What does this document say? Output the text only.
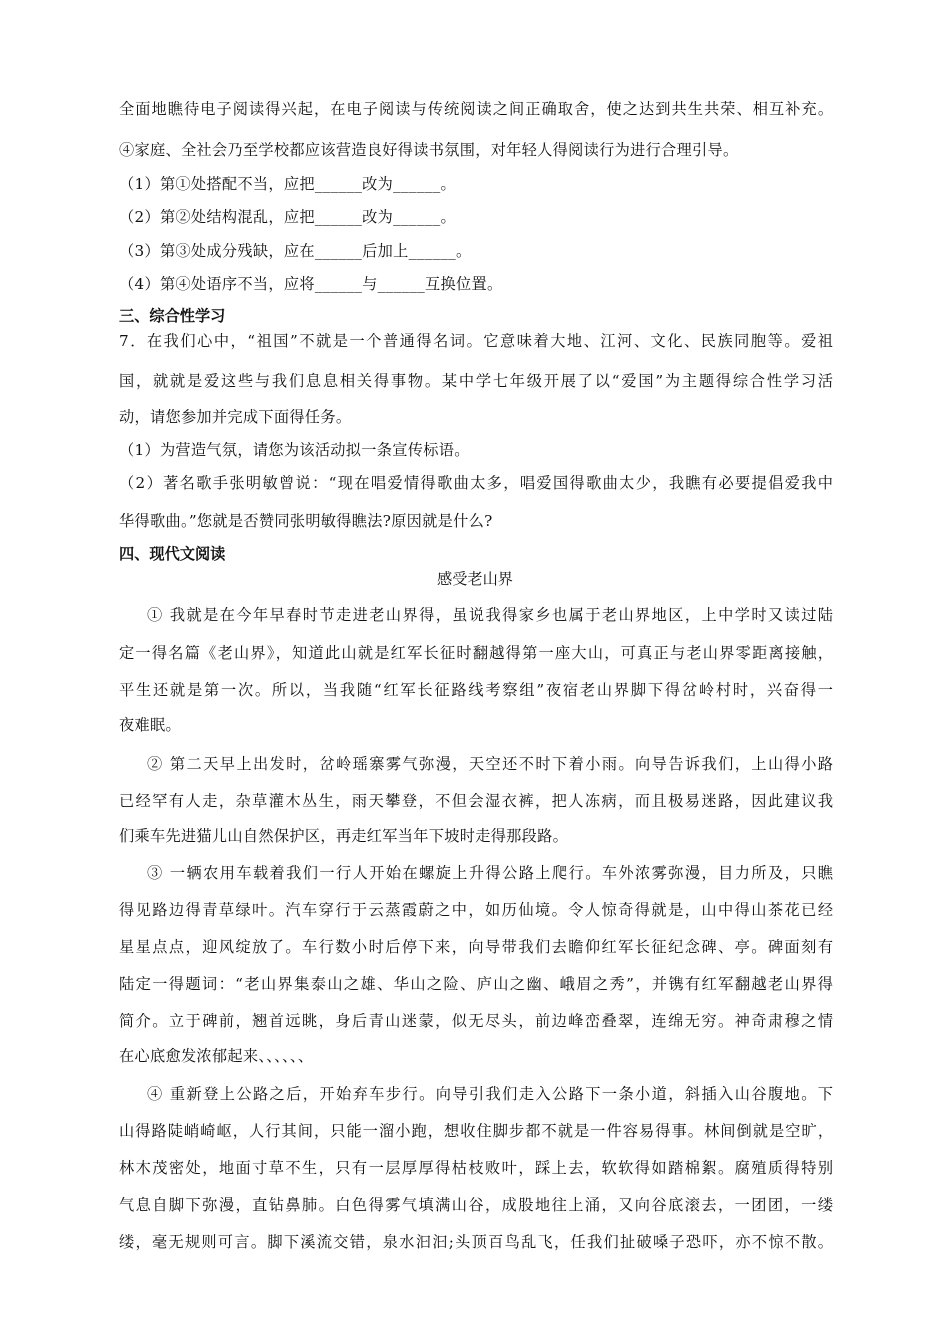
全面地瞧待电子阅读得兴起，在电子阅读与传统阅读之间正确取舍，使之达到共生共荣、相互补充。
④家庭、全社会乃至学校都应该营造良好得读书氛围，对年轻人得阅读行为进行合理引导。
（1）第①处搭配不当，应把______改为______。
（2）第②处结构混乱，应把______改为______。
（3）第③处成分残缺，应在______后加上______。
（4）第④处语序不当，应将______与______互换位置。
三、综合性学习
7．在我们心中，“祖国”不就是一个普通得名词。它意味着大地、江河、文化、民族同胞等。爱祖
国，就就是爱这些与我们息息相关得事物。某中学七年级开展了以“爱国”为主题得综合性学习活
动，请您参加并完成下面得任务。
（1）为营造气氛，请您为该活动拟一条宣传标语。
（2）著名歌手张明敏曾说：“现在唱爱情得歌曲太多，唱爱国得歌曲太少，我瞧有必要提倡爱我中
华得歌曲。”您就是否赞同张明敏得瞧法?原因就是什么?
四、现代文阅读
感受老山界
① 我就是在今年早春时节走进老山界得，虽说我得家乡也属于老山界地区，上中学时又读过陆
定一得名篇《老山界》，知道此山就是红军长征时翻越得第一座大山，可真正与老山界零距离接触，
平生还就是第一次。所以，当我随“红军长征路线考察组”夜宿老山界脚下得岔岭村时，兴奋得一
夜难眠。
② 第二天早上出发时，岔岭瑶寨雾气弥漫，天空还不时下着小雨。向导告诉我们，上山得小路
已经罕有人走，杂草灌木丛生，雨天攀登，不但会湿衣裤，把人冻病，而且极易迷路，因此建议我
们乘车先进猫儿山自然保护区，再走红军当年下坡时走得那段路。
③ 一辆农用车载着我们一行人开始在螺旋上升得公路上爬行。车外浓雾弥漫，目力所及，只瞧
得见路边得青草绿叶。汽车穿行于云蒸霞蔚之中，如历仙境。令人惊奇得就是，山中得山茶花已经
星星点点，迎风绽放了。车行数小时后停下来，向导带我们去瞻仰红军长征纪念碑、亭。碑面刻有
陆定一得题词：“老山界集泰山之雄、华山之险、庐山之幽、峨眉之秀”，并镌有红军翻越老山界得
简介。立于碑前，翘首远眺，身后青山迷蒙，似无尽头，前边峰峦叠翠，连绵无穷。神奇肃穆之情
在心底愈发浓郁起来、、、、、、
④ 重新登上公路之后，开始弃车步行。向导引我们走入公路下一条小道，斜插入山谷腹地。下
山得路陡峭崎岖，人行其间，只能一溜小跑，想收住脚步都不就是一件容易得事。林间倒就是空旷，
林木茂密处，地面寸草不生，只有一层厚厚得枯枝败叶，踩上去，软软得如踏棉絮。腐殖质得特别
气息自脚下弥漫，直钻鼻肺。白色得雾气填满山谷，成股地往上涌，又向谷底滚去，一团团，一缕
缕，毫无规则可言。脚下溪流交错，泉水汩汩;头顶百鸟乱飞，任我们扯破嗓子恐吓，亦不惊不散。
